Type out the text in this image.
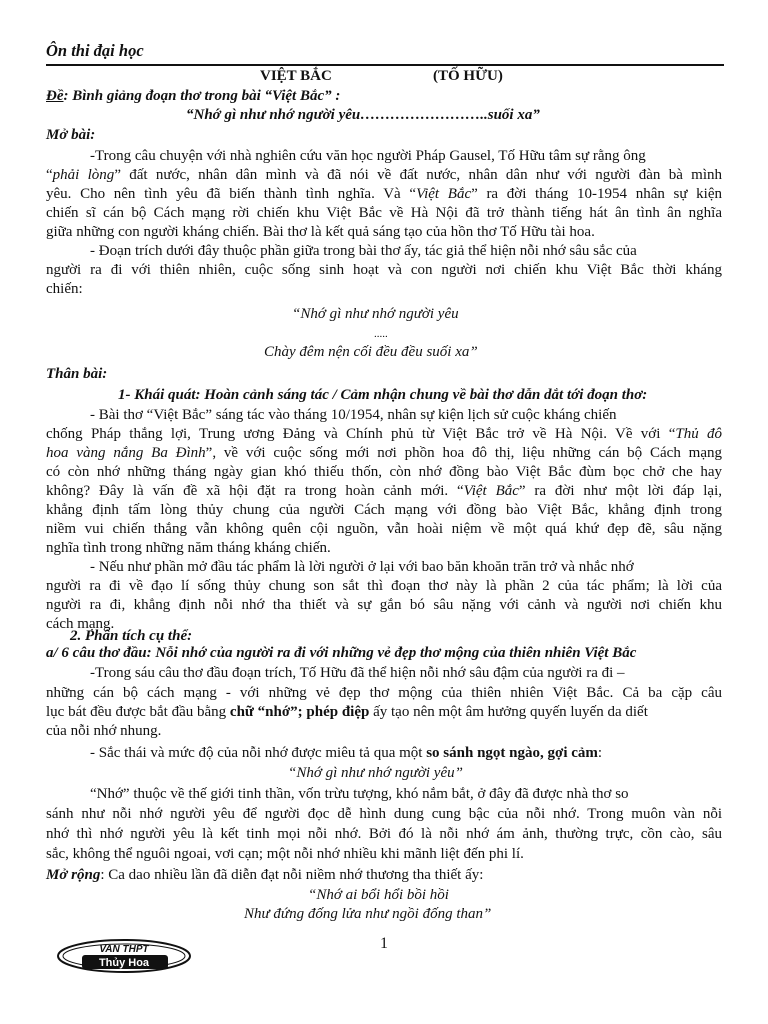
Ôn thi đại học
VIỆT BẮC	(TỐ HỮU)
Đề: Bình giảng đoạn thơ trong bài “Việt Bắc” :
“Nhớ gì như nhớ người yêu……………………..suối xa”
Mở bài:
-Trong câu chuyện với nhà nghiên cứu văn học người Pháp Gausel, Tố Hữu tâm sự rằng ông
“phải lòng” đất nước, nhân dân mình và đã nói về đất nước, nhân dân như với người đàn bà mình
yêu. Cho nên tình yêu đã biến thành tình nghĩa. Và “Việt Bắc” ra đời tháng 10-1954 nhân sự kiện
chiến sĩ cán bộ Cách mạng rời chiến khu Việt Bắc về Hà Nội đã trở thành tiếng hát ân tình ân nghĩa
giữa những con người kháng chiến. Bài thơ là kết quả sáng tạo của hồn thơ Tố Hữu tài hoa.
- Đoạn trích dưới đây thuộc phần giữa trong bài thơ ấy, tác giả thể hiện nỗi nhớ sâu sắc của
người ra đi với thiên nhiên, cuộc sống sinh hoạt và con người nơi chiến khu Việt Bắc thời kháng
chiến:
“Nhớ gì như nhớ người yêu
.....
Chày đêm nện cối đều đều suối xa”
Thân bài:
1- Khái quát: Hoàn cảnh sáng tác / Cảm nhận chung về bài thơ dẫn dắt tới đoạn thơ:
- Bài thơ “Việt Bắc” sáng tác vào tháng 10/1954, nhân sự kiện lịch sử cuộc kháng chiến
chống Pháp thắng lợi, Trung ương Đảng và Chính phủ từ Việt Bắc trở về Hà Nội. Về với “Thủ đô
hoa vàng nắng Ba Đình”, về với cuộc sống mới nơi phồn hoa đô thị, liệu những cán bộ Cách mạng
có còn nhớ những tháng ngày gian khó thiếu thốn, còn nhớ đồng bào Việt Bắc đùm bọc chở che hay
không? Đây là vấn đề xã hội đặt ra trong hoàn cảnh mới. “Việt Bắc” ra đời như một lời đáp lại,
khẳng định tấm lòng thủy chung của người Cách mạng với đồng bào Việt Bắc, khẳng định trong
niềm vui chiến thắng vẫn không quên cội nguồn, vẫn hoài niệm về một quá khứ đẹp đẽ, sâu nặng
nghĩa tình trong những năm tháng kháng chiến.
- Nếu như phần mở đầu tác phẩm là lời người ở lại với bao băn khoăn trăn trở và nhắc nhớ
người ra đi về đạo lí sống thủy chung son sắt thì đoạn thơ này là phần 2 của tác phẩm; là lời của
người ra đi, khẳng định nỗi nhớ tha thiết và sự gắn bó sâu nặng với cảnh và người nơi chiến khu
cách mạng.
2. Phân tích cụ thể:
a/ 6 câu thơ đầu: Nỗi nhớ của người ra đi với những vẻ đẹp thơ mộng của thiên nhiên Việt Bắc
-Trong sáu câu thơ đầu đoạn trích, Tố Hữu đã thể hiện nỗi nhớ sâu đậm của người ra đi –
những cán bộ cách mạng - với những vẻ đẹp thơ mộng của thiên nhiên Việt Bắc. Cả ba cặp câu
lục bát đều được bắt đầu bằng chữ “nhớ”; phép điệp ấy tạo nên một âm hưởng quyến luyến da diết
của nỗi nhớ nhung.
- Sắc thái và mức độ của nỗi nhớ được miêu tả qua một so sánh ngọt ngào, gợi cảm:
“Nhớ gì như nhớ người yêu”
“Nhớ” thuộc về thế giới tinh thần, vốn trừu tượng, khó nắm bắt, ở đây đã được nhà thơ so
sánh như nỗi nhớ người yêu để người đọc dễ hình dung cung bậc của nỗi nhớ. Trong muôn vàn nỗi
nhớ thì nhớ người yêu là kết tinh mọi nỗi nhớ. Bởi đó là nỗi nhớ ám ảnh, thường trực, cồn cào, sâu
sắc, không thể nguôi ngoai, vơi cạn; một nỗi nhớ nhiều khi mãnh liệt đến phi lí.
Mở rộng: Ca dao nhiều lần đã diễn đạt nỗi niềm nhớ thương tha thiết ấy:
“Nhớ ai bổi hổi bồi hồi
Như đứng đống lửa như ngồi đống than”
VAN THPT
Thủy Hoa
1
